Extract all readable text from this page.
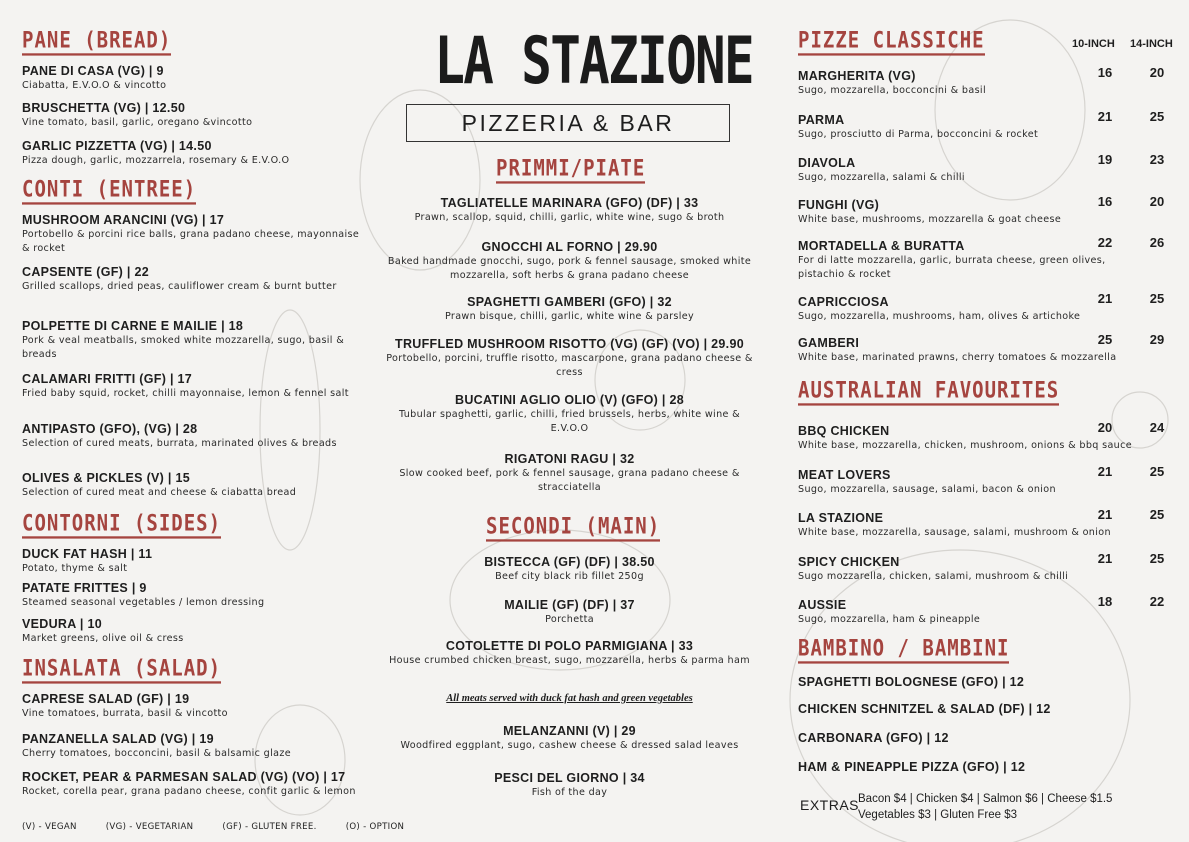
LA STAZIONE
PIZZERIA & BAR
PANE (BREAD)
PANE DI CASA (VG) | 9
Ciabatta, E.V.O.O & vincotto
BRUSCHETTA (VG) | 12.50
Vine tomato, basil, garlic, oregano &vincotto
GARLIC PIZZETTA (VG) | 14.50
Pizza dough, garlic, mozzarrela, rosemary & E.V.O.O
CONTI (ENTREE)
MUSHROOM ARANCINI (VG) | 17
Portobello & porcini rice balls, grana padano cheese, mayonnaise & rocket
CAPSENTE (GF) | 22
Grilled scallops, dried peas, cauliflower cream & burnt butter
POLPETTE DI CARNE E MAILIE | 18
Pork & veal meatballs, smoked white mozzarella, sugo, basil & breads
CALAMARI FRITTI (GF) | 17
Fried baby squid, rocket, chilli mayonnaise, lemon & fennel salt
ANTIPASTO (GFO), (VG) | 28
Selection of cured meats, burrata, marinated olives & breads
OLIVES & PICKLES (V) | 15
Selection of cured meat and cheese & ciabatta bread
CONTORNI (SIDES)
DUCK FAT HASH | 11
Potato, thyme & salt
PATATE FRITTES | 9
Steamed seasonal vegetables / lemon dressing
VEDURA | 10
Market greens, olive oil & cress
INSALATA (SALAD)
CAPRESE SALAD (GF) | 19
Vine tomatoes, burrata, basil & vincotto
PANZANELLA SALAD (VG) | 19
Cherry tomatoes, bocconcini, basil & balsamic glaze
ROCKET, PEAR & PARMESAN SALAD (VG) (VO) | 17
Rocket, corella pear, grana padano cheese, confit garlic & lemon
(V) - VEGAN	(VG) - VEGETARIAN	(GF) - GLUTEN FREE.	(O) - OPTION
PRIMMI/PIATE
TAGLIATELLE MARINARA (GFO) (DF) | 33
Prawn, scallop, squid, chilli, garlic, white wine, sugo & broth
GNOCCHI AL FORNO | 29.90
Baked handmade gnocchi, sugo, pork & fennel sausage, smoked white mozzarella, soft herbs & grana padano cheese
SPAGHETTI GAMBERI (GFO) | 32
Prawn bisque, chilli, garlic, white wine & parsley
TRUFFLED MUSHROOM RISOTTO (VG) (GF) (VO) | 29.90
Portobello, porcini, truffle risotto, mascarpone, grana padano cheese & cress
BUCATINI AGLIO OLIO (V) (GFO) | 28
Tubular spaghetti, garlic, chilli, fried brussels, herbs, white wine & E.V.O.O
RIGATONI RAGU | 32
Slow cooked beef, pork & fennel sausage, grana padano cheese & stracciatella
SECONDI (MAIN)
BISTECCA (GF) (DF) | 38.50
Beef city black rib fillet 250g
MAILIE (GF) (DF) | 37
Porchetta
COTOLETTE DI POLO PARMIGIANA | 33
House crumbed chicken breast, sugo, mozzarella, herbs & parma ham
All meats served with duck fat hash and green vegetables
MELANZANNI (V) | 29
Woodfired eggplant, sugo, cashew cheese & dressed salad leaves
PESCI DEL GIORNO | 34
Fish of the day
PIZZE CLASSICHE	10-INCH 14-INCH
MARGHERITA (VG)	16	20
Sugo, mozzarella, bocconcini & basil
PARMA	21	25
Sugo, prosciutto di Parma, bocconcini & rocket
DIAVOLA	19	23
Sugo, mozzarella, salami & chilli
FUNGHI (VG)	16	20
White base, mushrooms, mozzarella & goat cheese
MORTADELLA & BURATTA	22	26
For di latte mozzarella, garlic, burrata cheese, green olives, pistachio & rocket
CAPRICCIOSA	21	25
Sugo, mozzarella, mushrooms, ham, olives & artichoke
GAMBERI	25	29
White base, marinated prawns, cherry tomatoes & mozzarella
AUSTRALIAN FAVOURITES
BBQ CHICKEN	20	24
White base, mozzarella, chicken, mushroom, onions & bbq sauce
MEAT LOVERS	21	25
Sugo, mozzarella, sausage, salami, bacon & onion
LA STAZIONE	21	25
White base, mozzarella, sausage, salami, mushroom & onion
SPICY CHICKEN	21	25
Sugo mozzarella, chicken, salami, mushroom & chilli
AUSSIE	18	22
Sugo, mozzarella, ham & pineapple
BAMBINO / BAMBINI
SPAGHETTI BOLOGNESE (GFO) | 12
CHICKEN SCHNITZEL & SALAD (DF) | 12
CARBONARA (GFO) | 12
HAM & PINEAPPLE PIZZA (GFO) | 12
EXTRAS
Bacon $4 | Chicken $4 | Salmon $6 | Cheese $1.5
Vegetables $3 | Gluten Free $3
